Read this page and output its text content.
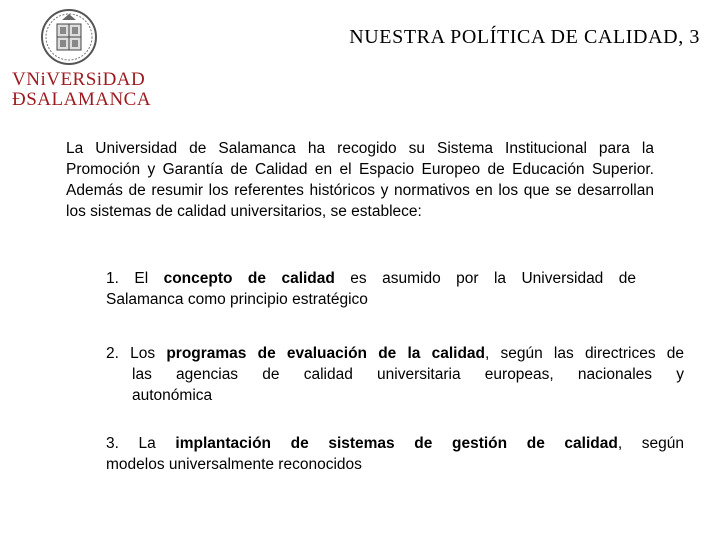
VNiVERSiDAD
ÐSALAMANCA
NUESTRA POLÍTICA DE CALIDAD, 3
La Universidad de Salamanca ha recogido su Sistema Institucional para la Promoción y Garantía de Calidad en el Espacio Europeo de Educación Superior. Además de resumir los referentes históricos y normativos en los que se desarrollan los sistemas de calidad universitarios, se establece:
1. El concepto de calidad es asumido por la Universidad de
Salamanca como principio estratégico
2. Los programas de evaluación de la calidad, según las directrices de
las agencias de calidad universitaria europeas, nacionales y
autonómica
3. La implantación de sistemas de gestión de calidad, según
modelos universalmente reconocidos
